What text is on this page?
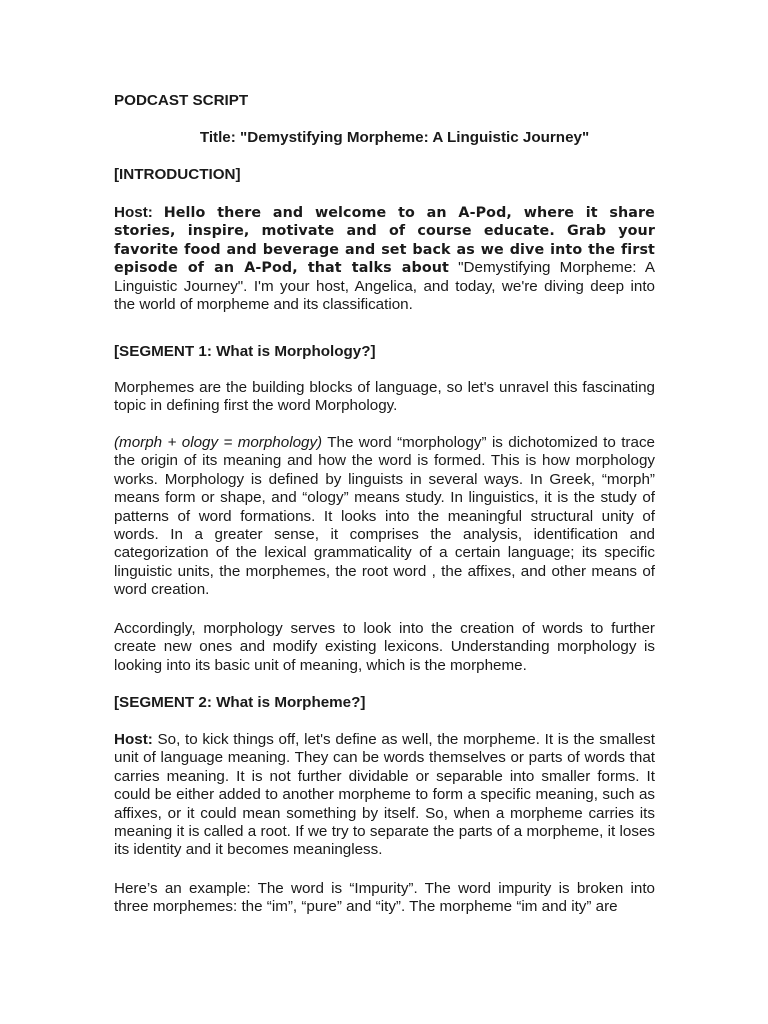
PODCAST SCRIPT
Title: "Demystifying Morpheme: A Linguistic Journey"
[INTRODUCTION]

Host: Hello there and welcome to an A-Pod, where it share stories, inspire, motivate and of course educate. Grab your favorite food and beverage and set back as we dive into the first episode of an A-Pod, that talks about "Demystifying Morpheme: A Linguistic Journey". I'm your host, Angelica, and today, we're diving deep into the world of morpheme and its classification.

[SEGMENT 1: What is Morphology?]

Morphemes are the building blocks of language, so let's unravel this fascinating topic in defining first the word Morphology.

(morph + ology = morphology) The word “morphology” is dichotomized to trace the origin of its meaning and how the word is formed. This is how morphology works. Morphology is defined by linguists in several ways. In Greek, “morph” means form or shape, and “ology” means study. In linguistics, it is the study of patterns of word formations. It looks into the meaningful structural unity of words. In a greater sense, it comprises the analysis, identification and categorization of the lexical grammaticality of a certain language; its specific linguistic units, the morphemes, the root word , the affixes, and other means of word creation.

Accordingly, morphology serves to look into the creation of words to further create new ones and modify existing lexicons. Understanding morphology is looking into its basic unit of meaning, which is the morpheme.

[SEGMENT 2: What is Morpheme?]

Host: So, to kick things off, let's define as well, the morpheme. It is the smallest unit of language meaning. They can be words themselves or parts of words that carries meaning. It is not further dividable or separable into smaller forms. It could be either added to another morpheme to form a specific meaning, such as affixes, or it could mean something by itself. So, when a morpheme carries its meaning it is called a root. If we try to separate the parts of a morpheme, it loses its identity and it becomes meaningless.

Here’s an example: The word is “Impurity”. The word impurity is broken into three morphemes: the “im”, “pure” and “ity”. The morpheme “im and ity” are
